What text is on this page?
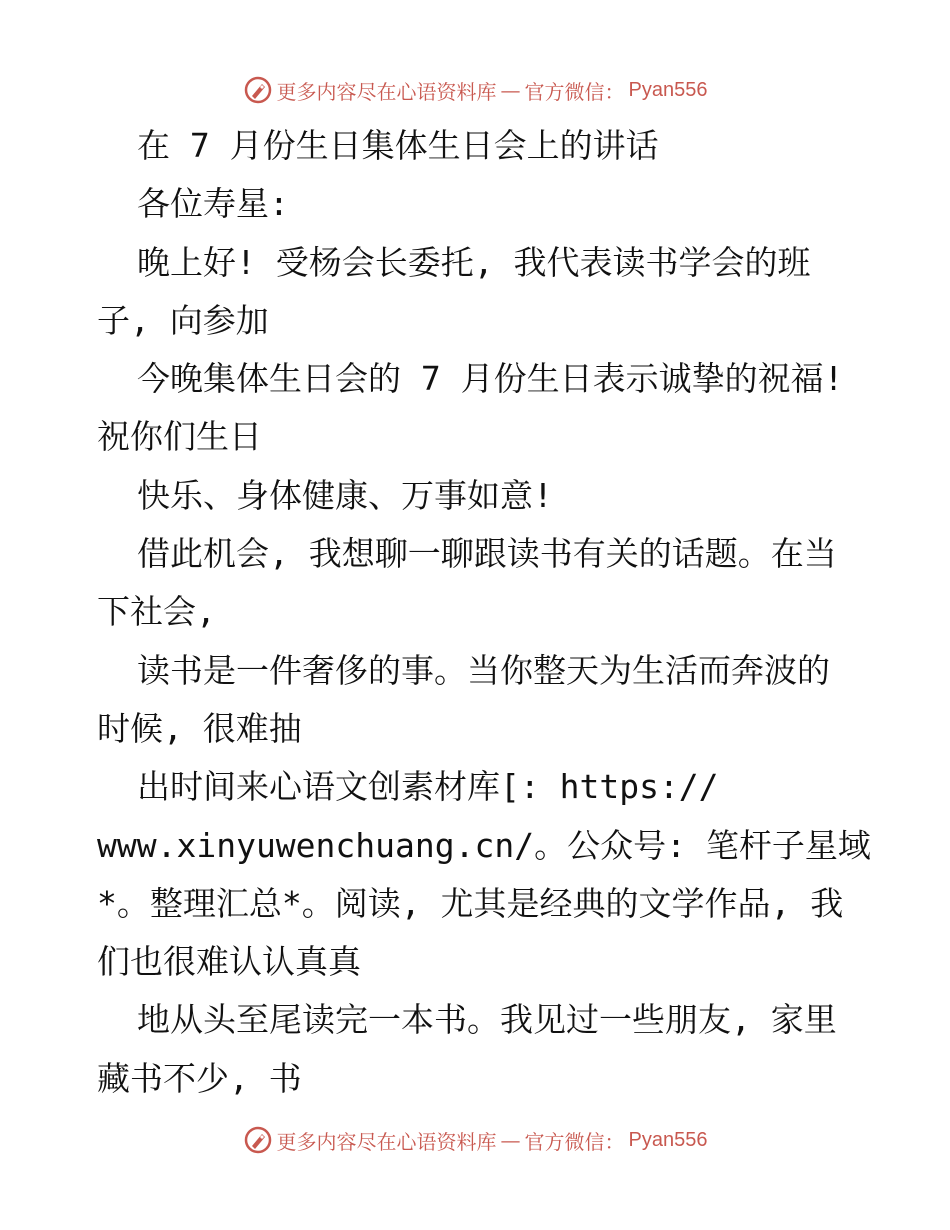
更多内容尽在心语资料库 — 官方微信： Pyan556
在 7 月份生日集体生日会上的讲话
各位寿星:
晚上好! 受杨会长委托, 我代表读书学会的班
子, 向参加
今晚集体生日会的 7 月份生日表示诚挚的祝福!
祝你们生日
快乐、身体健康、万事如意!
借此机会, 我想聊一聊跟读书有关的话题。在当
下社会,
读书是一件奢侈的事。当你整天为生活而奔波的
时候, 很难抽
出时间来心语文创素材库[: https://
www.xinyuwenchuang.cn/。公众号: 笔杆子星域
*。整理汇总*。阅读, 尤其是经典的文学作品, 我
们也很难认认真真
地从头至尾读完一本书。我见过一些朋友, 家里
藏书不少, 书
更多内容尽在心语资料库 — 官方微信： Pyan556
